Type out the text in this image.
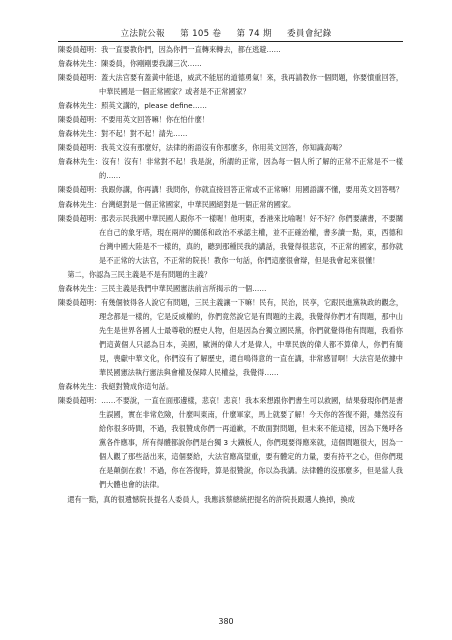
立法院公報 第 105 卷 第 74 期 委員會紀錄

陳委員超明：我一直要教你們，因為你們一直轉來轉去，都在逃避……

詹森林先生：陳委員，你剛剛要我講三次……

陳委員超明：蓋大法官要有蓋黃中能退，威武不能屈的道德勇氣！來，我再請教你一個問題，你要憤重回答，中華民國是一個正常國家？或者是不正常國家？

詹森林先生：照英文講的，please define……

陳委員超明：不要用英文回答嘛！你在怕什麼！

詹森林先生：對不起！對不起！請先……

陳委員超明：我英文沒有那麼好，法律的術語沒有你那麼多，你用英文回答，你知識高喝？

詹森林先生：沒有！沒有！非常對不起！我是說，所謂的正常，因為每一個人所了解的正常不正常是不一樣的……

陳委員超明：我跟你講，你再講！我問你，你就直接回答正常或不正常嘛！用國語講不懂，要用英文回答嗎？

詹森林先生：台灣絕對是一個正常國家，中華民國絕對是一個正常的國家。

陳委員超明：那表示民我國中華民國人跟你不一樣喔！他明東，香港來比喻喔！好不好？你們要讓書，不要關在自己的象牙塔，現在兩岸的關係和政治不承認主權，並不正確治權，書多讀一點，東，西德和台灣中國大陸是不一樣的，真的，聽到那種民我的講話，我覺得很悲哀，不正常的國家，那你就是不正常的大法官，不正常的院長！教你一句話，你們這麼很會辯，但是我會起來很懂！

第二，你認為三民主義是不是有問題的主義？

詹森林先生：三民主義是我們中華民國憲法前言所揭示的一個……

陳委員超明：有幾個彼得各人說它有問題，三民主義讓一下嘛！民有，民治，民享，它跟民進黨執政的觀念，理念都是一樣的，它是反威權的，你們竟然說它是有問題的主義，我覺得你們才有問題，那中山先生是世界各國人士最尊敬的歷史人物，但是因為台獨立國民黨，你們就覺得他有問題，我看你們這黃個人只認為日本，美國，歐洲的偉人才是偉人，中華民族的偉人都不算偉人，你們有簡見，喪獻中華文化，你們沒有了解歷史，還自鳴得意的一直在講，非常感冒啊！大法官是依據中華民國憲法執行憲法與會權及保障人民權益，我覺得……

詹森林先生：我絕對贊成你這句話。

陳委員超明：……不要說，一直在面那邊樣，悲哀！悲哀！我本來想跟你們書生可以救國，結果發現你們是書生誤國，實在非常危險，什麼叫東南，什麼軍家，馬上就要了解！今天你的答復不錯，雖然沒有給你很多時間，不過，我很贊成你們一再道歉，不敢面對問題，但未來不能這樣，因為下幾呼各黨各件應事，所有得體都說你們是台獨 3 大鐵板人，你們現要得應來就，這個問題很大，因為一個人觀了那些話出來，這個要給，大法官應高望重，要有體定的力量，要有持平之心，但你們現在是顛倒在救！不過，你在答復時，算是很贊說，你以為我講。法律體的沒那麼多，但是當人我們大體也會的法律。

還有一點，真的很遺憾院長提名人委員人，我應該蔡總統把提名的許院長跟選人換掉，換成

380
